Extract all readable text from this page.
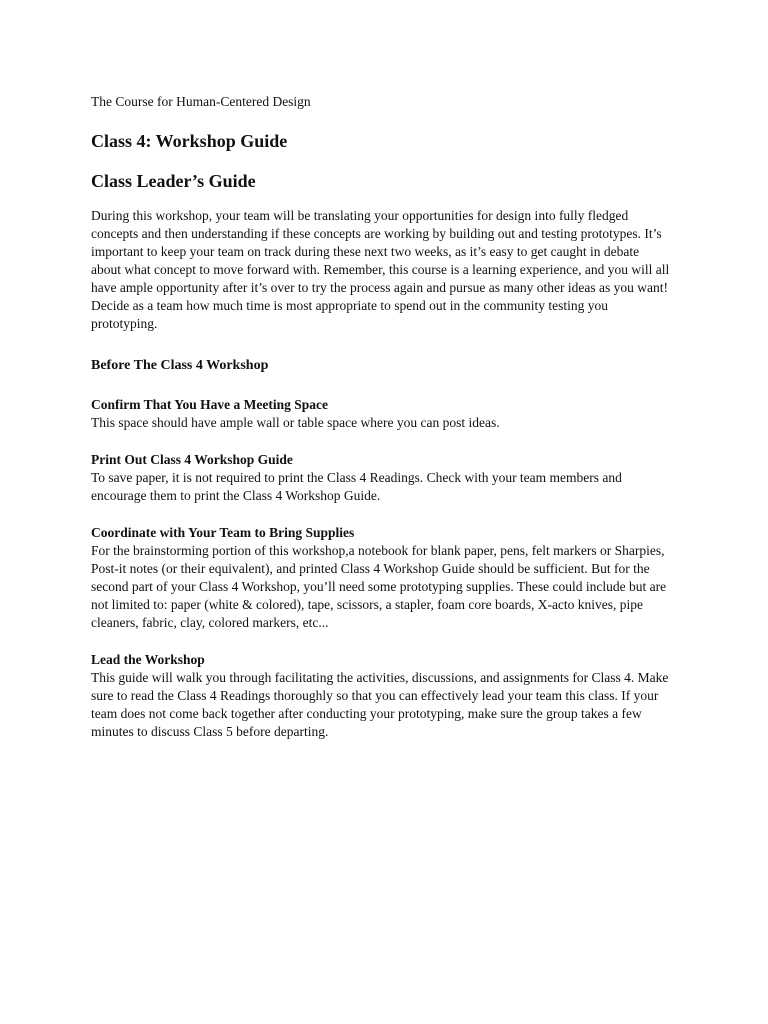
The Course for Human-Centered Design

Class 4: Workshop Guide
Class Leader’s Guide

During this workshop, your team will be translating your opportunities for design into fully fledged concepts and then understanding if these concepts are working by building out and testing prototypes. It’s important to keep your team on track during these next two weeks, as it’s easy to get caught in debate about what concept to move forward with. Remember, this course is a learning experience, and you will all have ample opportunity after it’s over to try the process again and pursue as many other ideas as you want! Decide as a team how much time is most appropriate to spend out in the community testing you prototyping.

Before The Class 4 Workshop

Confirm That You Have a Meeting Space

This space should have ample wall or table space where you can post ideas.

Print Out Class 4 Workshop Guide

To save paper, it is not required to print the Class 4 Readings. Check with your team members and encourage them to print the Class 4 Workshop Guide.

Coordinate with Your Team to Bring Supplies

For the brainstorming portion of this workshop,a notebook for blank paper, pens, felt markers or Sharpies, Post-it notes (or their equivalent), and printed Class 4 Workshop Guide should be sufficient. But for the second part of your Class 4 Workshop, you’ll need some prototyping supplies. These could include but are not limited to: paper (white & colored), tape, scissors, a stapler, foam core boards, X-acto knives, pipe cleaners, fabric, clay, colored markers, etc...

Lead the Workshop

This guide will walk you through facilitating the activities, discussions, and assignments for Class 4. Make sure to read the Class 4 Readings thoroughly so that you can effectively lead your team this class. If your team does not come back together after conducting your prototyping, make sure the group takes a few minutes to discuss Class 5 before departing.
